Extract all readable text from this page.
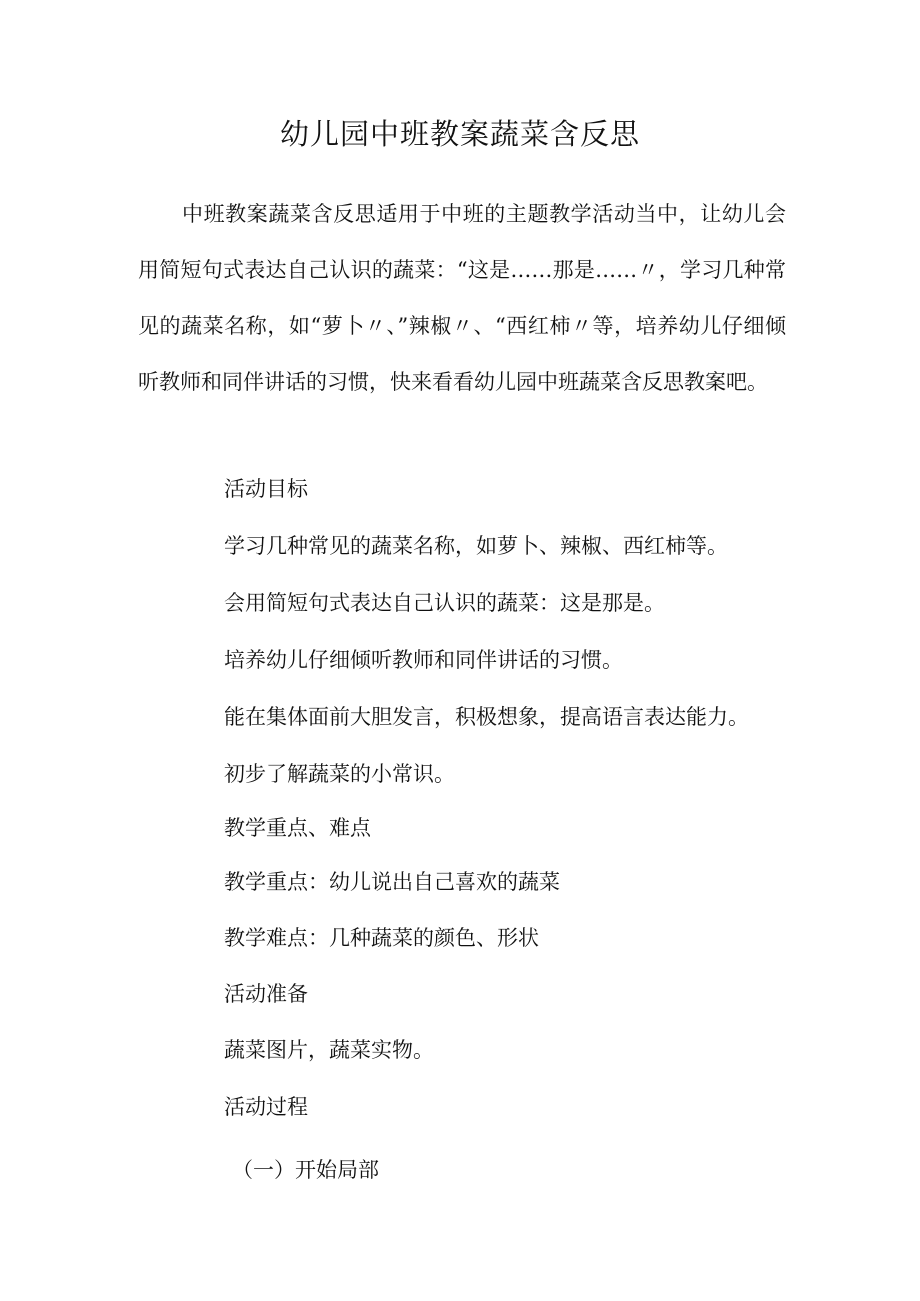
幼儿园中班教案蔬菜含反思

中班教案蔬菜含反思适用于中班的主题教学活动当中，让幼儿会用简短句式表达自己认识的蔬菜：“这是……那是……〃，学习几种常见的蔬菜名称，如“萝卜〃、”辣椒〃、“西红柿〃等，培养幼儿仔细倾听教师和同伴讲话的习惯，快来看看幼儿园中班蔬菜含反思教案吧。

活动目标

学习几种常见的蔬菜名称，如萝卜、辣椒、西红柿等。

会用简短句式表达自己认识的蔬菜：这是那是。

培养幼儿仔细倾听教师和同伴讲话的习惯。

能在集体面前大胆发言，积极想象，提高语言表达能力。

初步了解蔬菜的小常识。

教学重点、难点

教学重点：幼儿说出自己喜欢的蔬菜

教学难点：几种蔬菜的颜色、形状

活动准备

蔬菜图片，蔬菜实物。

活动过程

（一）开始局部
